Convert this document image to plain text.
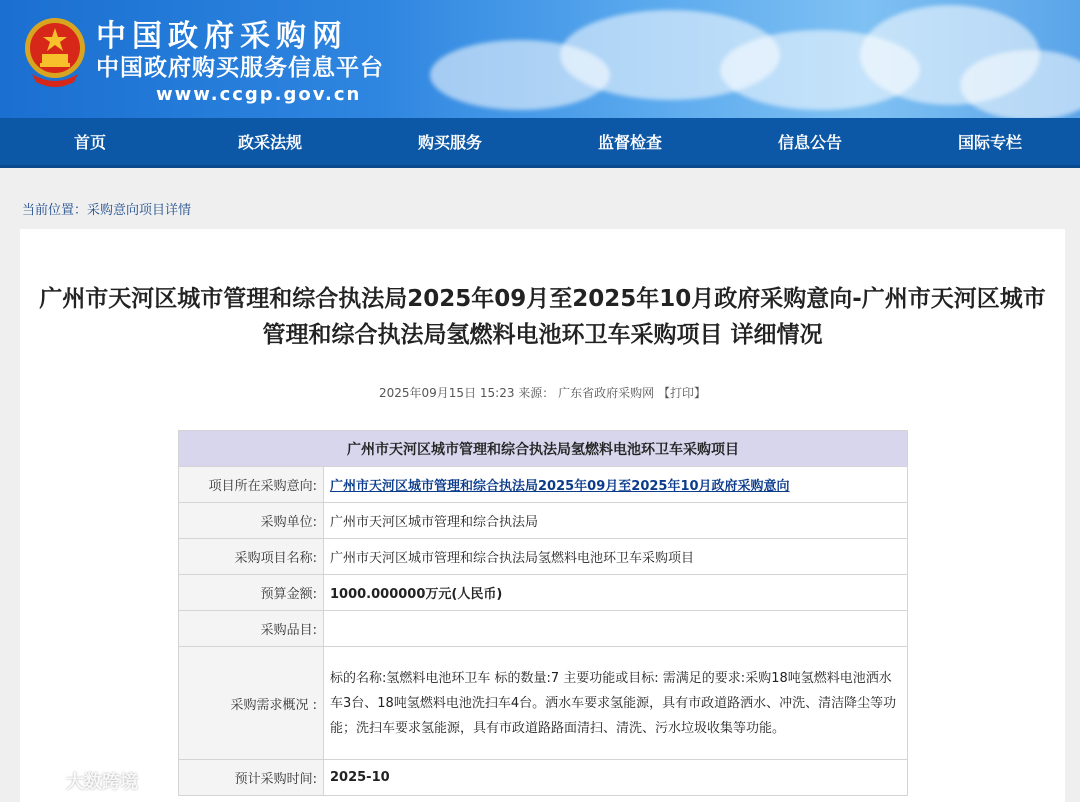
中国政府采购网
中国政府购买服务信息平台
www.ccgp.gov.cn
首页	政采法规	购买服务	监督检查	信息公告	国际专栏
当前位置：采购意向项目详情
广州市天河区城市管理和综合执法局2025年09月至2025年10月政府采购意向-广州市天河区城市管理和综合执法局氢燃料电池环卫车采购项目 详细情况
2025年09月15日 15:23 来源： 广东省政府采购网 【打印】
广州市天河区城市管理和综合执法局氢燃料电池环卫车采购项目	
项目所在采购意向:	广州市天河区城市管理和综合执法局2025年09月至2025年10月政府采购意向
采购单位:	广州市天河区城市管理和综合执法局
采购项目名称:	广州市天河区城市管理和综合执法局氢燃料电池环卫车采购项目
预算金额:	1000.000000万元(人民币)
采购品目:	
采购需求概况 :	标的名称:氢燃料电池环卫车 标的数量:7 主要功能或目标: 需满足的要求:采购18吨氢燃料电池洒水车3台、18吨氢燃料电池洗扫车4台。洒水车要求氢能源，具有市政道路洒水、冲洗、清洁降尘等功能；洗扫车要求氢能源，具有市政道路路面清扫、清洗、污水垃圾收集等功能。
预计采购时间:	2025-10
大数跨境
